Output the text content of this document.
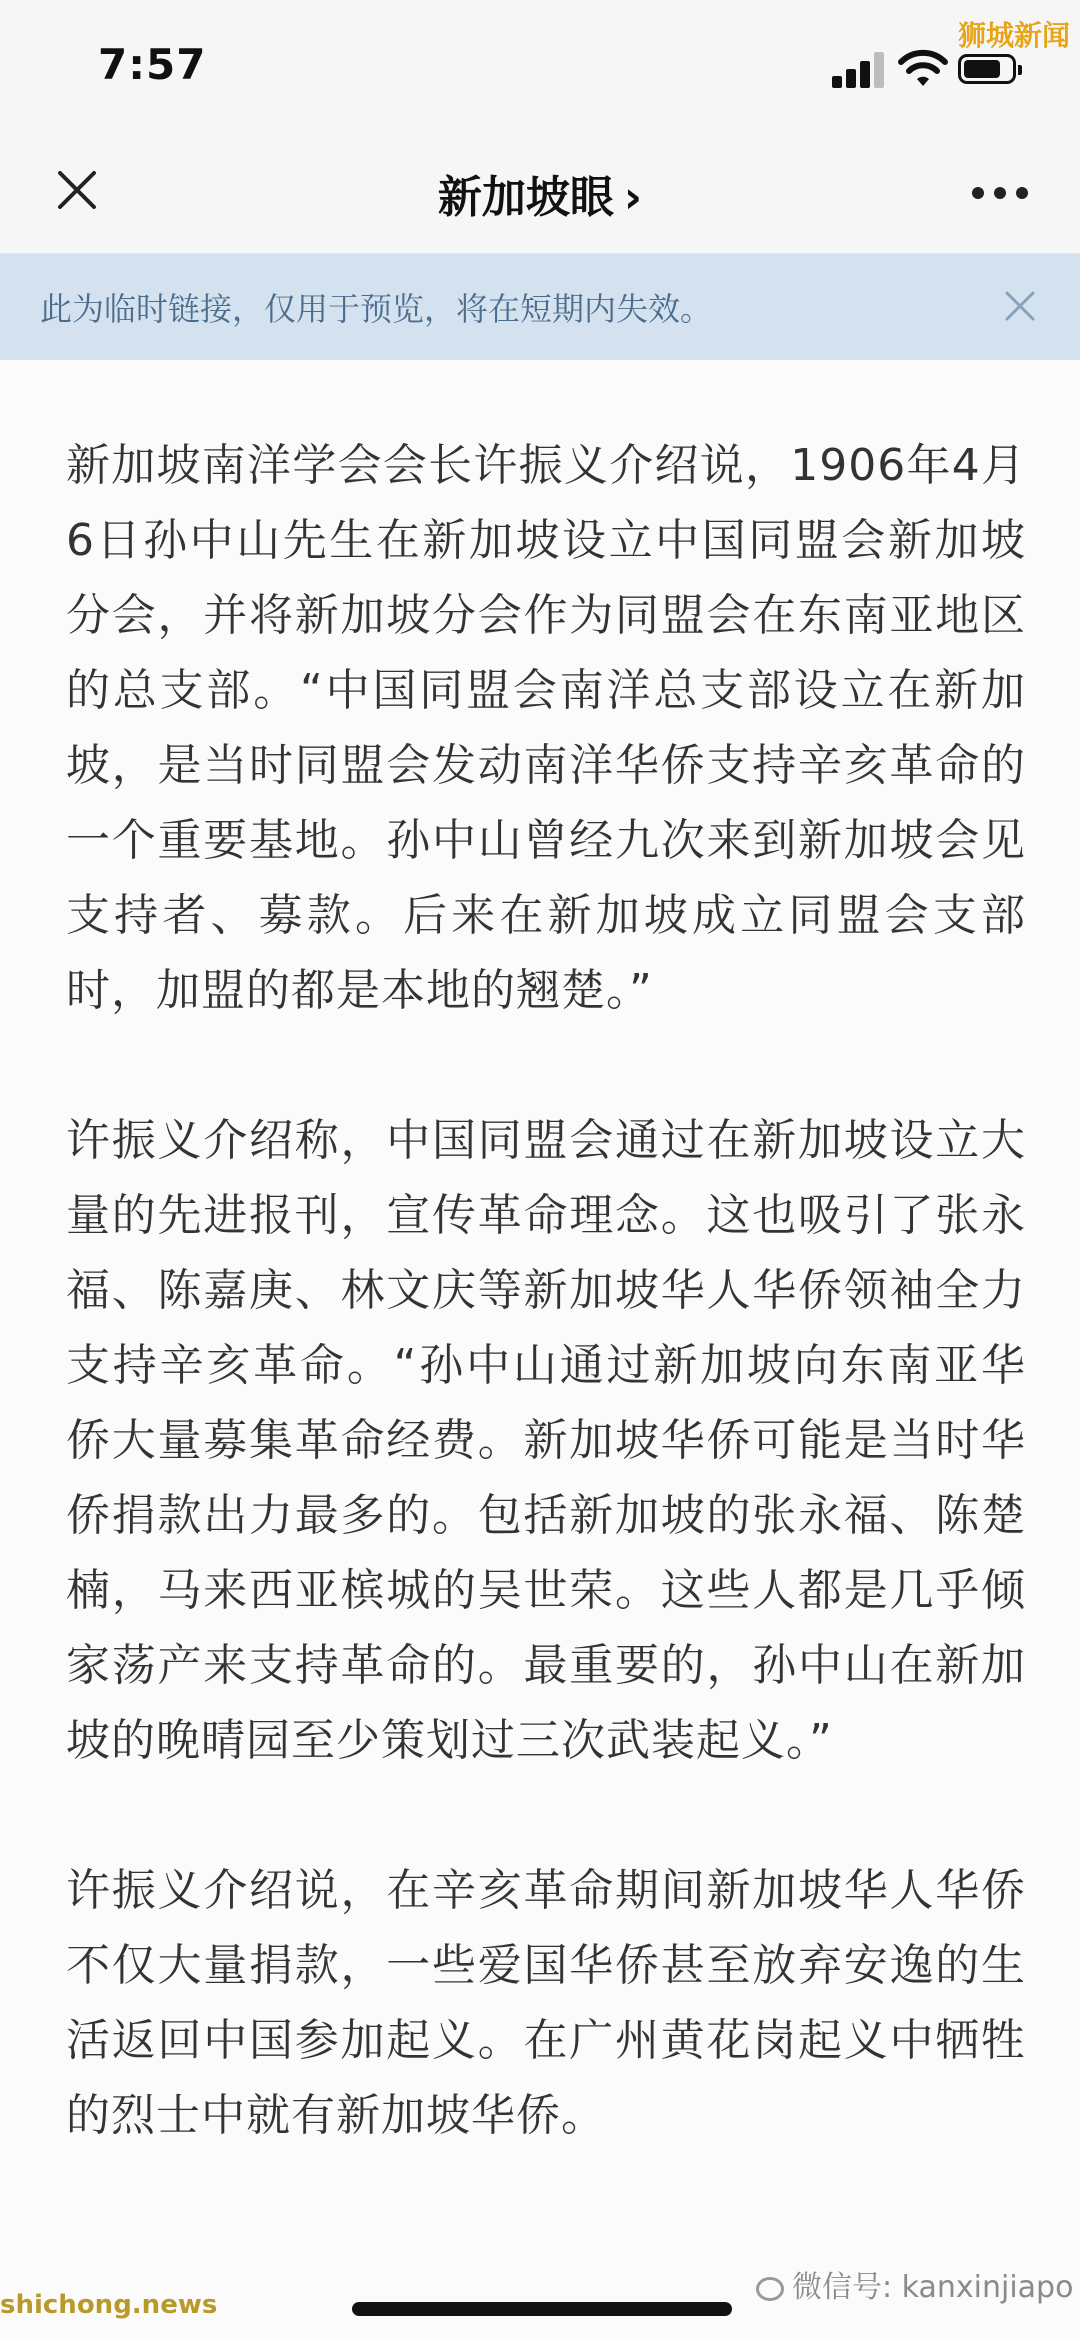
7:57
狮城新闻
新加坡眼 ›
此为临时链接，仅用于预览，将在短期内失效。

新加坡南洋学会会长许振义介绍说，1906年4月6日孙中山先生在新加坡设立中国同盟会新加坡分会，并将新加坡分会作为同盟会在东南亚地区的总支部。“中国同盟会南洋总支部设立在新加坡，是当时同盟会发动南洋华侨支持辛亥革命的一个重要基地。孙中山曾经九次来到新加坡会见支持者、募款。后来在新加坡成立同盟会支部时，加盟的都是本地的翘楚。”

许振义介绍称，中国同盟会通过在新加坡设立大量的先进报刊，宣传革命理念。这也吸引了张永福、陈嘉庚、林文庆等新加坡华人华侨领袖全力支持辛亥革命。“孙中山通过新加坡向东南亚华侨大量募集革命经费。新加坡华侨可能是当时华侨捐款出力最多的。包括新加坡的张永福、陈楚楠，马来西亚槟城的吴世荣。这些人都是几乎倾家荡产来支持革命的。最重要的，孙中山在新加坡的晚晴园至少策划过三次武装起义。”

许振义介绍说，在辛亥革命期间新加坡华人华侨不仅大量捐款，一些爱国华侨甚至放弃安逸的生活返回中国参加起义。在广州黄花岗起义中牺牲的烈士中就有新加坡华侨。

微信号: kanxinjiapo
shichong.news
